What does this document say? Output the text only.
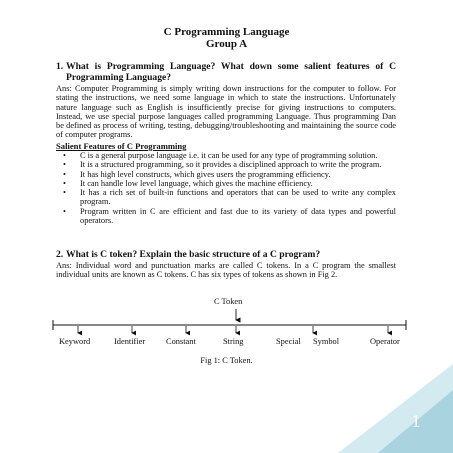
C Programming Language
Group A
1. What is Programming Language? What down some salient features of C Programming Language?
Ans: Computer Programming is simply writing down instructions for the computer to follow. For stating the instructions, we need some language in which to state the instructions. Unfortunately nature language such as English is insufficiently precise for giving instructions to computers. Instead, we use special purpose languages called programming Language. Thus programming Dan be defined as process of writing, testing, debugging/troubleshooting and maintaining the source code of computer programs.
Salient Features of C Programming
• C is a general purpose language i.e. it can be used for any type of programming solution.
• It is a structured programming, so it provides a disciplined approach to write the program.
• It has high level constructs, which gives users the programming efficiency.
• It can handle low level language, which gives the machine efficiency.
• It has a rich set of built-in functions and operators that can be used to write any complex program.
• Program written in C are efficient and fast due to its variety of data types and powerful operators.
2. What is C token? Explain the basic structure of a C program?
Ans: Individual word and punctuation marks are called C tokens. In a C program the smallest individual units are known as C tokens. C has six types of tokens as shown in Fig 2.
C Token
Keyword	Identifier Constant	String	Special Symbol	Operator
Fig 1: C Token.
1
